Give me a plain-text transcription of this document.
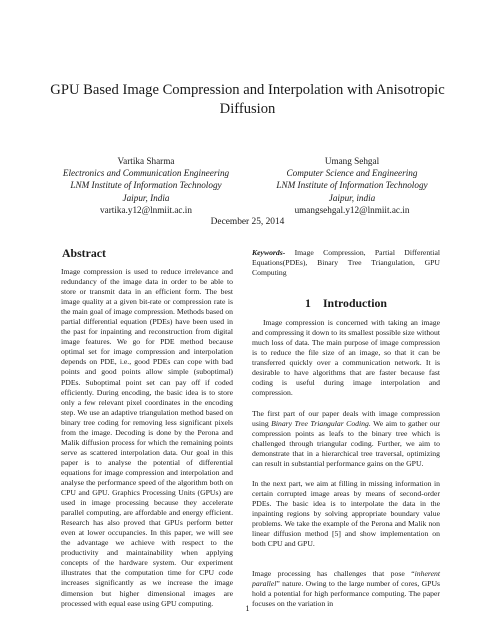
GPU Based Image Compression and Interpolation with Anisotropic Diffusion
Vartika Sharma
Electronics and Communication Engineering
LNM Institute of Information Technology
Jaipur, India
vartika.y12@lnmiit.ac.in
Umang Sehgal
Computer Science and Engineering
LNM Institute of Information Technology
Jaipur, india
umangsehgal.y12@lnmiit.ac.in
December 25, 2014
Abstract

Image compression is used to reduce irrelevance and redundancy of the image data in order to be able to store or transmit data in an efficient form. The best image quality at a given bit-rate or compression rate is the main goal of image compression. Methods based on partial differential equation (PDEs) have been used in the past for inpainting and reconstruction from digital image features. We go for PDE method because optimal set for image compression and interpolation depends on PDE, i.e., good PDEs can cope with bad points and good points allow simple (suboptimal) PDEs. Suboptimal point set can pay off if coded efficiently. During encoding, the basic idea is to store only a few relevant pixel coordinates in the encoding step. We use an adaptive triangulation method based on binary tree coding for removing less significant pixels from the image. Decoding is done by the Perona and Malik diffusion process for which the remaining points serve as scattered interpolation data. Our goal in this paper is to analyse the potential of differential equations for image compression and interpolation and analyse the performance speed of the algorithm both on CPU and GPU. Graphics Processing Units (GPUs) are used in image processing because they accelerate parallel computing, are affordable and energy efficient. Research has also proved that GPUs perform better even at lower occupancies. In this paper, we will see the advantage we achieve with respect to the productivity and maintainability when applying concepts of the hardware system. Our experiment illustrates that the computation time for CPU code increases significantly as we increase the image dimension but higher dimensional images are processed with equal ease using GPU computing.

Keywords- Image Compression, Partial Differential Equations(PDEs), Binary Tree Triangulation, GPU Computing
1 Introduction

Image compression is concerned with taking an image and compressing it down to its smallest possible size without much loss of data. The main purpose of image compression is to reduce the file size of an image, so that it can be transferred quickly over a communication network. It is desirable to have algorithms that are faster because fast coding is useful during image interpolation and compression.

The first part of our paper deals with image compression using Binary Tree Triangular Coding. We aim to gather our compression points as leafs to the binary tree which is challenged through triangular coding. Further, we aim to demonstrate that in a hierarchical tree traversal, optimizing can result in substantial performance gains on the GPU.

In the next part, we aim at filling in missing information in certain corrupted image areas by means of second-order PDEs. The basic idea is to interpolate the data in the inpainting regions by solving appropriate boundary value problems. We take the example of the Perona and Malik non linear diffusion method [5] and show implementation on both CPU and GPU.

Image processing has challenges that pose “inherent parallel” nature. Owing to the large number of cores, GPUs hold a potential for high performance computing. The paper focuses on the variation in

1
